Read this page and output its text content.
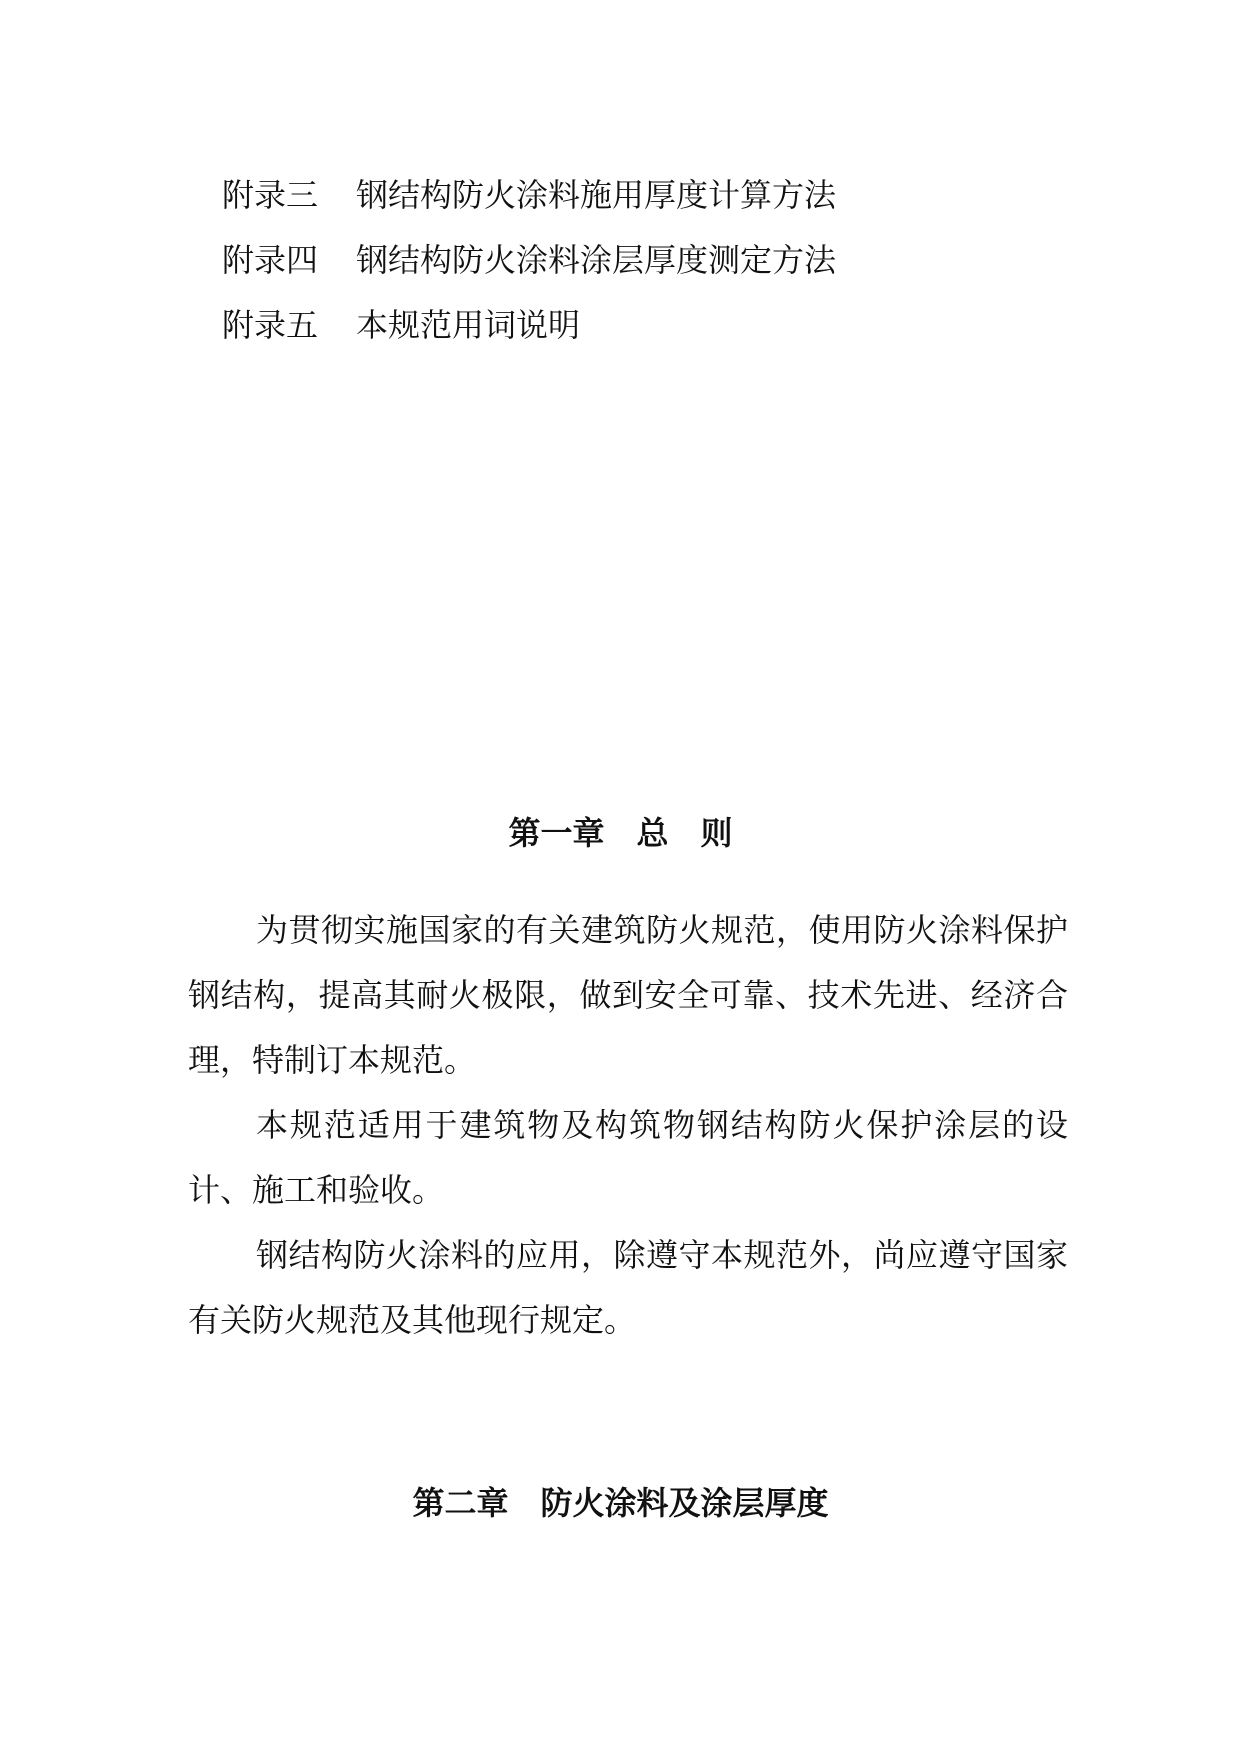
附录三	钢结构防火涂料施用厚度计算方法
附录四	钢结构防火涂料涂层厚度测定方法
附录五	本规范用词说明
第一章　总　则

为贯彻实施国家的有关建筑防火规范，使用防火涂料保护钢结构，提高其耐火极限，做到安全可靠、技术先进、经济合理，特制订本规范。

本规范适用于建筑物及构筑物钢结构防火保护涂层的设计、施工和验收。

钢结构防火涂料的应用，除遵守本规范外，尚应遵守国家有关防火规范及其他现行规定。

第二章　防火涂料及涂层厚度
